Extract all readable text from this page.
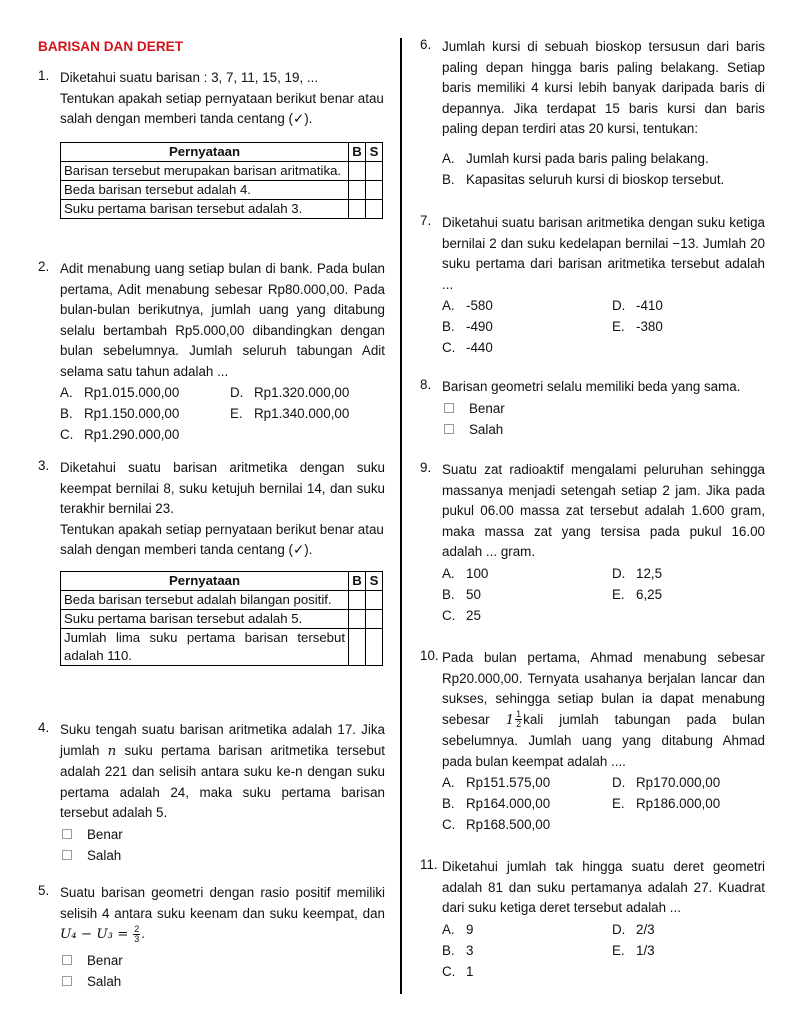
BARISAN DAN DERET
1. Diketahui suatu barisan : 3, 7, 11, 15, 19, ...

Tentukan apakah setiap pernyataan berikut benar atau salah dengan memberi tanda centang (✓).

Pernyataan	B	S
Barisan tersebut merupakan barisan aritmatika.		
Beda barisan tersebut adalah 4.		
Suku pertama barisan tersebut adalah 3.		
2. Adit menabung uang setiap bulan di bank. Pada bulan pertama, Adit menabung sebesar Rp80.000,00. Pada bulan-bulan berikutnya, jumlah uang yang ditabung selalu bertambah Rp5.000,00 dibandingkan dengan bulan sebelumnya. Jumlah seluruh tabungan Adit selama satu tahun adalah ...
A. Rp1.015.000,00	D. Rp1.320.000,00
B. Rp1.150.000,00	E. Rp1.340.000,00
C. Rp1.290.000,00
3. Diketahui suatu barisan aritmetika dengan suku keempat bernilai 8, suku ketujuh bernilai 14, dan suku terakhir bernilai 23.

Tentukan apakah setiap pernyataan berikut benar atau salah dengan memberi tanda centang (✓).

Pernyataan	B	S
Beda barisan tersebut adalah bilangan positif.		
Suku pertama barisan tersebut adalah 5.		
Jumlah lima suku pertama barisan tersebut adalah 110.		
4. Suku tengah suatu barisan aritmetika adalah 17. Jika jumlah n suku pertama barisan aritmetika tersebut adalah 221 dan selisih antara suku ke-n dengan suku pertama adalah 24, maka suku pertama barisan tersebut adalah 5.
Benar
Salah
5. Suatu barisan geometri dengan rasio positif memiliki selisih 4 antara suku keenam dan suku keempat, dan $U_4 - U_3 = \frac{2}{3}$ .
Benar
Salah
6. Jumlah kursi di sebuah bioskop tersusun dari baris paling depan hingga baris paling belakang. Setiap baris memiliki 4 kursi lebih banyak daripada baris di depannya. Jika terdapat 15 baris kursi dan baris paling depan terdiri atas 20 kursi, tentukan:
A. Jumlah kursi pada baris paling belakang.
B. Kapasitas seluruh kursi di bioskop tersebut.
7. Diketahui suatu barisan aritmetika dengan suku ketiga bernilai 2 dan suku kedelapan bernilai −13. Jumlah 20 suku pertama dari barisan aritmetika tersebut adalah ...
A. -580	D. -410
B. -490	E. -380
C. -440
8. Barisan geometri selalu memiliki beda yang sama.
Benar
Salah
9. Suatu zat radioaktif mengalami peluruhan sehingga massanya menjadi setengah setiap 2 jam. Jika pada pukul 06.00 massa zat tersebut adalah 1.600 gram, maka massa zat yang tersisa pada pukul 16.00 adalah ... gram.
A. 100	D. 12,5
B. 50	E. 6,25
C. 25
10. Pada bulan pertama, Ahmad menabung sebesar Rp20.000,00. Ternyata usahanya berjalan lancar dan sukses, sehingga setiap bulan ia dapat menabung sebesar $1 \frac{1}{2}$ kali jumlah tabungan pada bulan sebelumnya. Jumlah uang yang ditabung Ahmad pada bulan keempat adalah ....
A. Rp151.575,00	D. Rp170.000,00
B. Rp164.000,00	E. Rp186.000,00
C. Rp168.500,00
11. Diketahui jumlah tak hingga suatu deret geometri adalah 81 dan suku pertamanya adalah 27. Kuadrat dari suku ketiga deret tersebut adalah ...
A. 9	D. 2/3
B. 3	E. 1/3
C. 1
